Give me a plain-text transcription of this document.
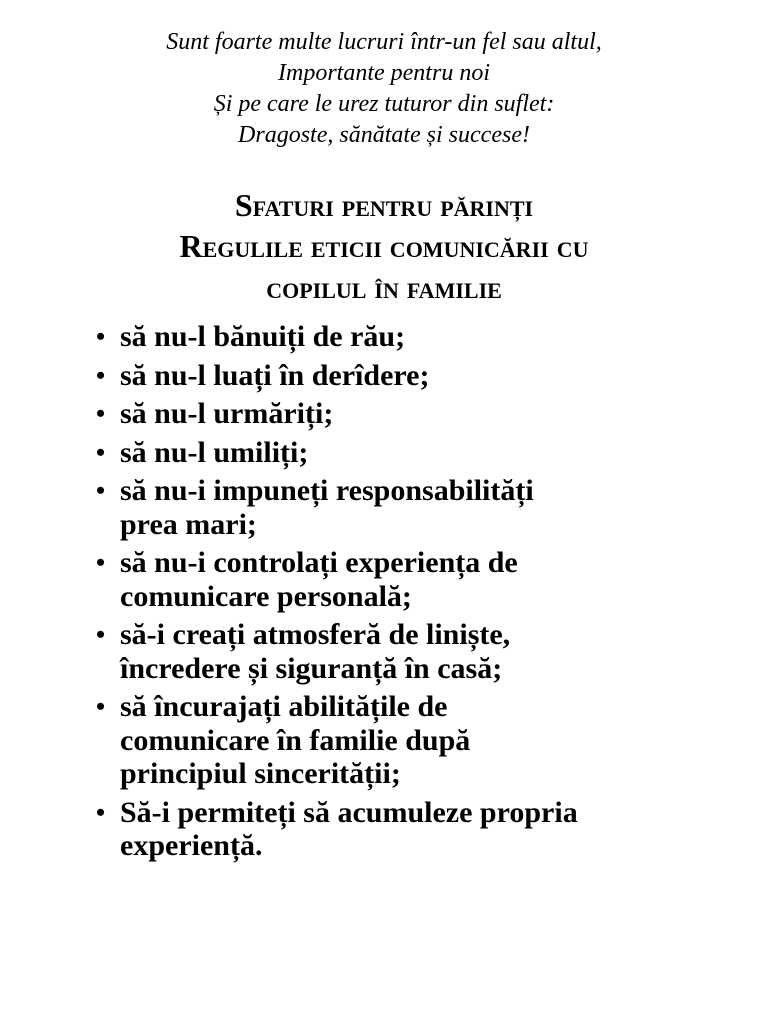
Sunt foarte multe lucruri într-un fel sau altul,
Importante pentru noi
Și pe care le urez tuturor din suflet:
Dragoste, sănătate și succese!
Sfaturi pentru părinți
Regulile eticii comunicării cu
copilul în familie
• să nu-l bănuiți de rău;
• să nu-l luați în derîdere;
• să nu-l urmăriți;
• să nu-l umiliți;
• să nu-i impuneți responsabilități
prea mari;
• să nu-i controlați experiența de
comunicare personală;
• să-i creați atmosferă de liniște,
încredere și siguranță în casă;
• să încurajați abilitățile de
comunicare în familie după
principiul sincerității;
• Să-i permiteți să acumuleze propria
experiență.
